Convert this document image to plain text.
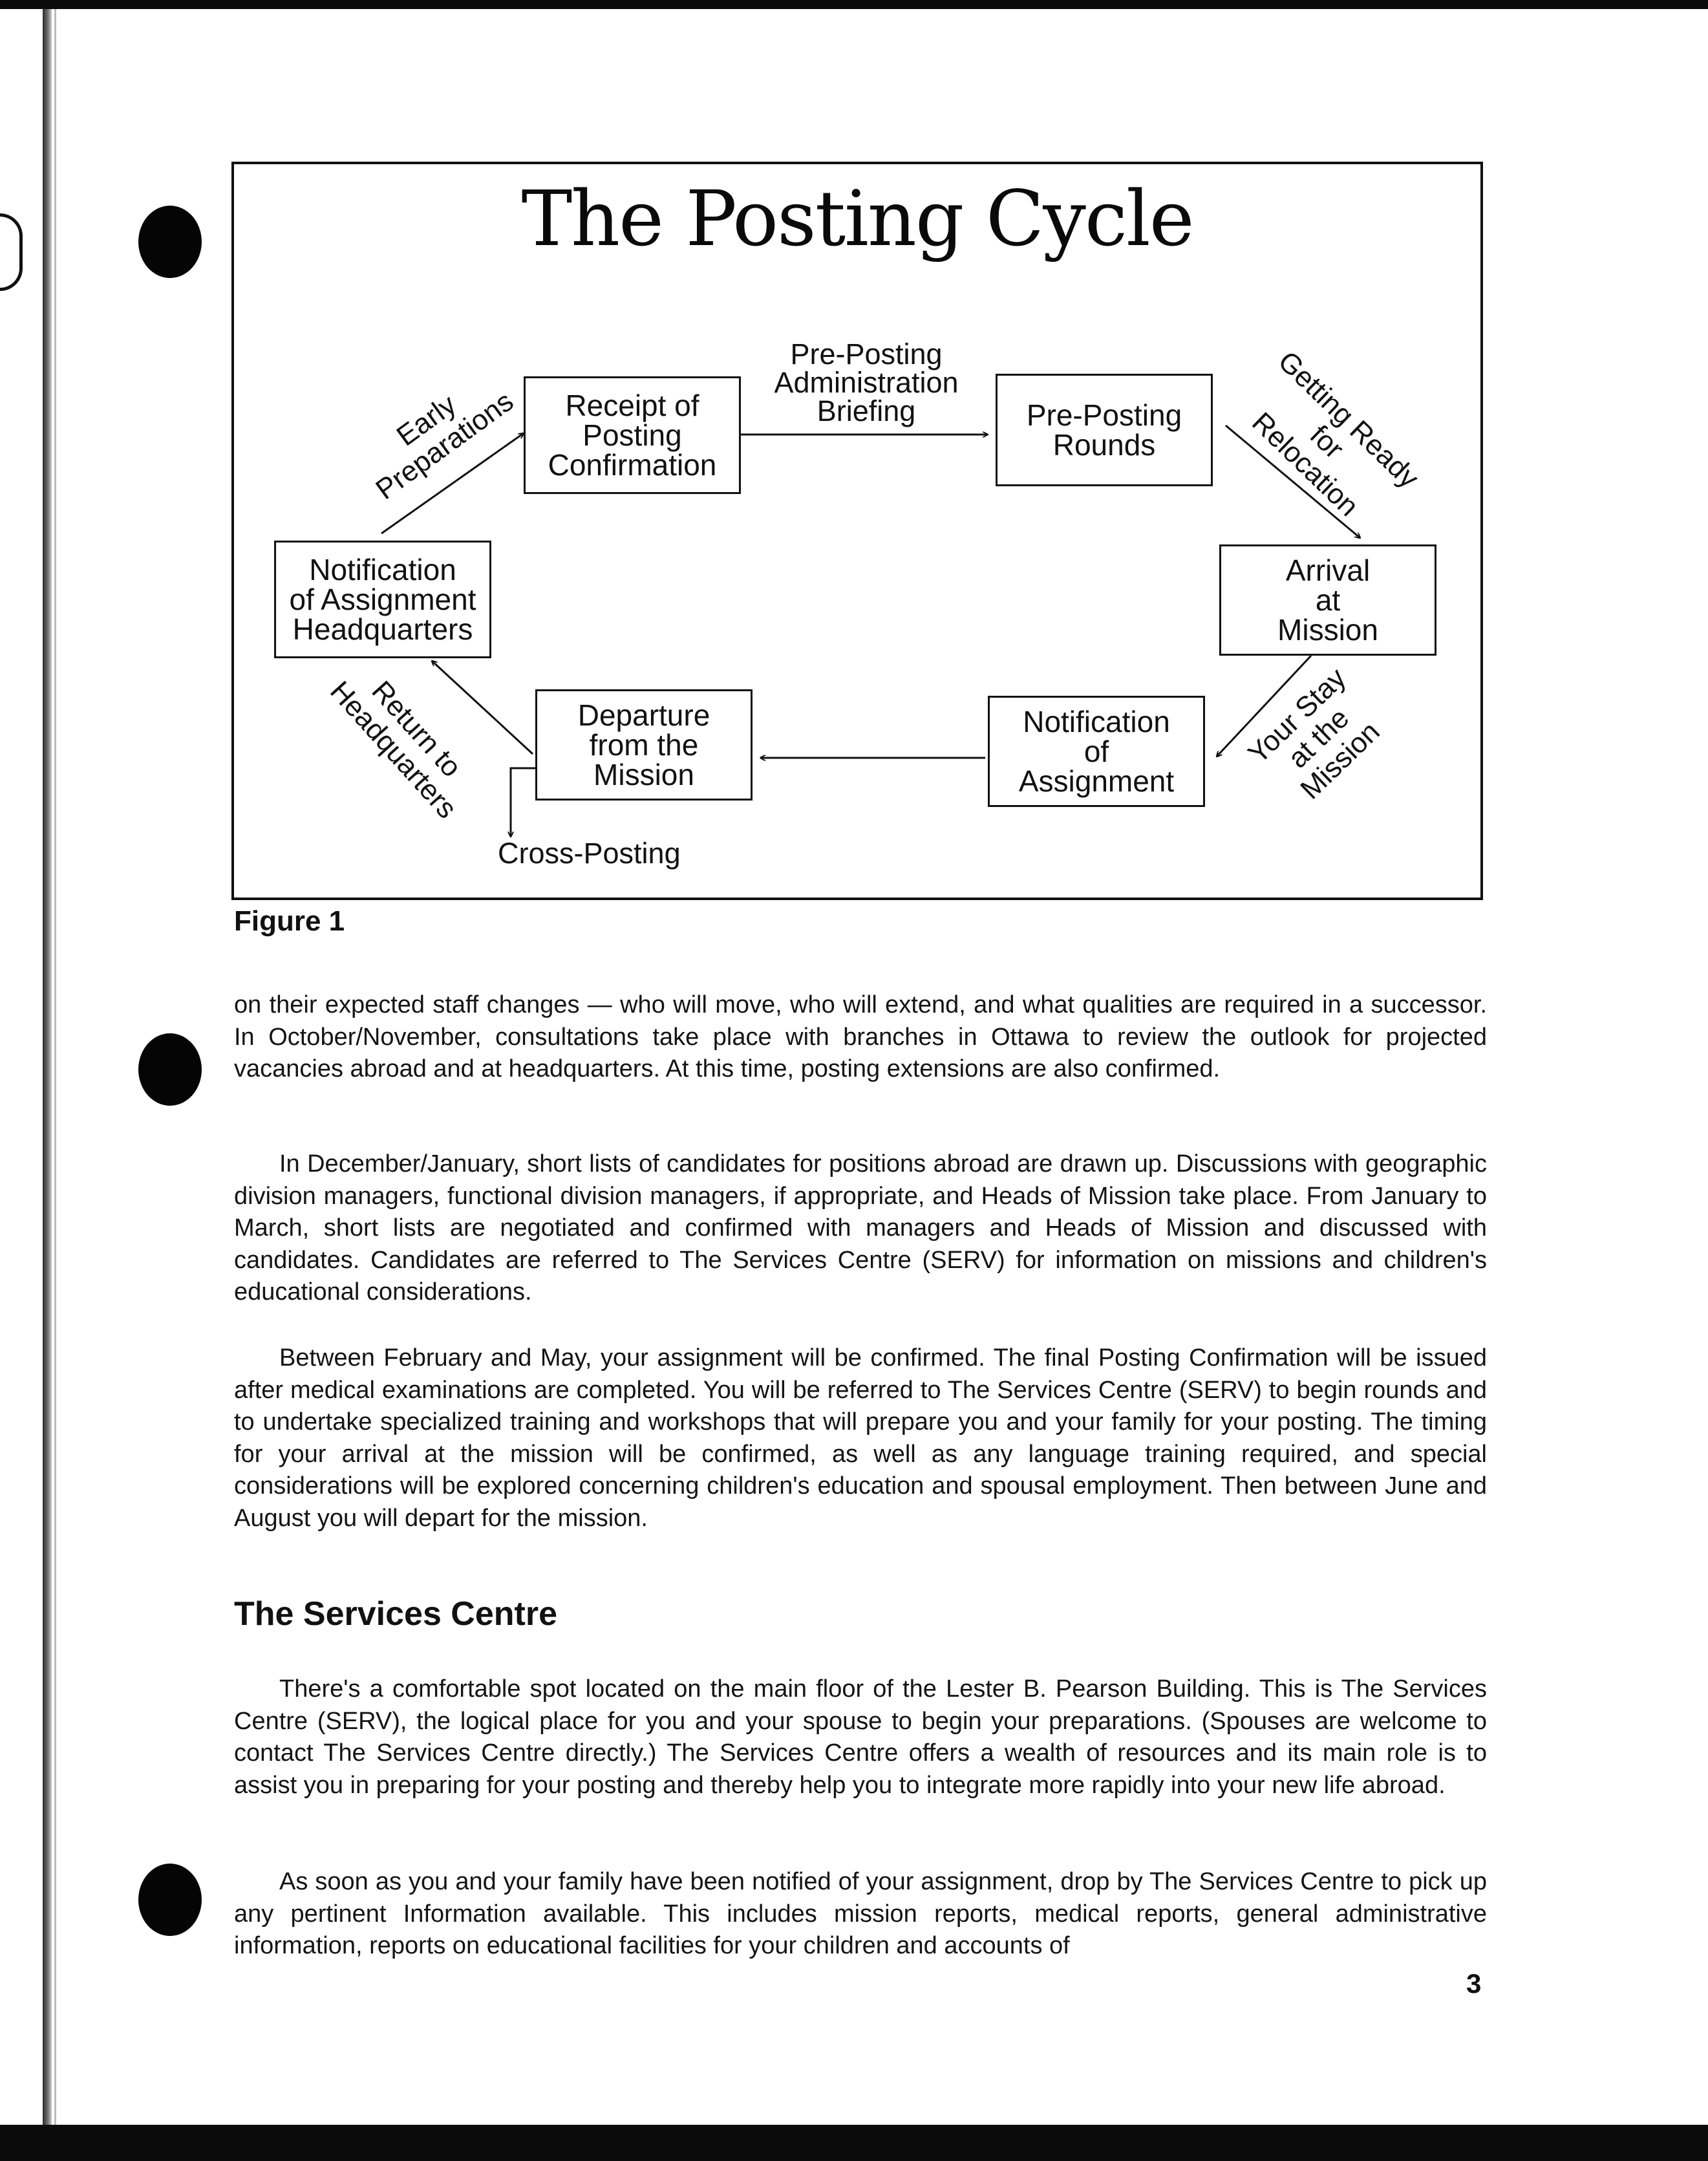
The Posting Cycle
Receipt of
Posting
Confirmation
Pre-Posting
Rounds
Arrival
at
Mission
Notification
of
Assignment
Departure
from the
Mission
Notification
of Assignment
Headquarters
Pre-Posting
Administration
Briefing
Early
Preparations	Getting Ready
for
Relocation
Your Stay
at the
Mission
Return to
Headquarters
Cross-Posting
Figure 1
on their expected staff changes — who will move, who will extend, and what qualities are required in a successor. In October/November, consultations take place with branches in Ottawa to review the outlook for projected vacancies abroad and at headquarters. At this time, posting extensions are also confirmed.
In December/January, short lists of candidates for positions abroad are drawn up. Discussions with geographic division managers, functional division managers, if appropriate, and Heads of Mission take place. From January to March, short lists are negotiated and confirmed with managers and Heads of Mission and discussed with candidates. Candidates are referred to The Services Centre (SERV) for information on missions and children's educational considerations.
Between February and May, your assignment will be confirmed. The final Posting Confirmation will be issued after medical examinations are completed. You will be referred to The Services Centre (SERV) to begin rounds and to undertake specialized training and workshops that will prepare you and your family for your posting. The timing for your arrival at the mission will be confirmed, as well as any language training required, and special considerations will be explored concerning children's education and spousal employment. Then between June and August you will depart for the mission.
The Services Centre
There's a comfortable spot located on the main floor of the Lester B. Pearson Building. This is The Services Centre (SERV), the logical place for you and your spouse to begin your preparations. (Spouses are welcome to contact The Services Centre directly.) The Services Centre offers a wealth of resources and its main role is to assist you in preparing for your posting and thereby help you to integrate more rapidly into your new life abroad.
As soon as you and your family have been notified of your assignment, drop by The Services Centre to pick up any pertinent Information available. This includes mission reports, medical reports, general administrative information, reports on educational facilities for your children and accounts of
3
